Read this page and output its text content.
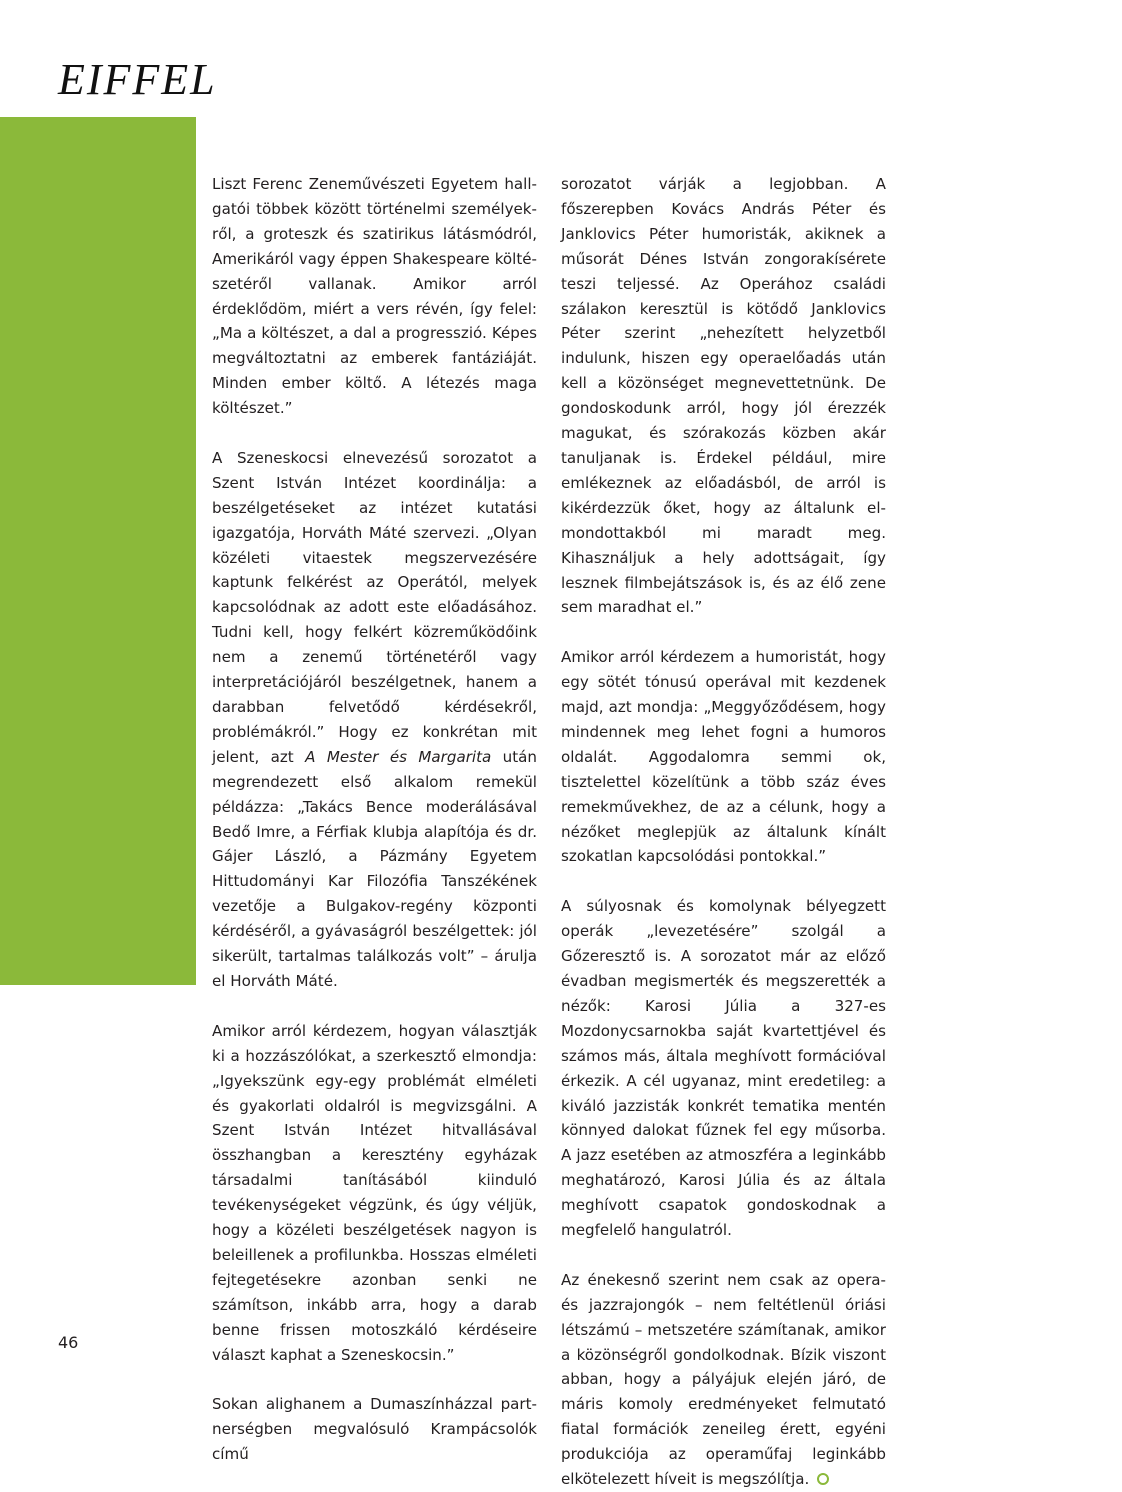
EIFFEL

Liszt Ferenc Zeneművészeti Egyetem hallgatói többek között történelmi személyekről, a groteszk és szatirikus látásmódról, Amerikáról vagy éppen Shakespeare költészetéről vallanak. Amikor arról érdeklődöm, miért a vers révén, így felel: „Ma a költészet, a dal a progresszió. Képes megváltoztatni az emberek fantáziáját. Minden ember költő. A létezés maga költészet.”

A Szeneskocsi elnevezésű sorozatot a Szent István Intézet koordinálja: a beszélgetéseket az intézet kutatási igazgatója, Horváth Máté szervezi. „Olyan közéleti vitaestek megszervezésére kaptunk felkérést az Operától, melyek kapcsolódnak az adott este előadásához. Tudni kell, hogy felkért közreműködőink nem a zenemű történetéről vagy interpretációjáról beszélgetnek, hanem a darabban felvetődő kérdésekről, problémákról.” Hogy ez konkrétan mit jelent, azt A Mester és Margarita után megrendezett első alkalom remekül példázza: „Takács Bence moderálásával Bedő Imre, a Férfiak klubja alapítója és dr. Gájer László, a Pázmány Egyetem Hittudományi Kar Filozófia Tanszékének vezetője a Bulgakov-regény központi kérdéséről, a gyávaságról beszélgettek: jól sikerült, tartalmas találkozás volt” – árulja el Horváth Máté.

Amikor arról kérdezem, hogyan választják ki a hozzászólókat, a szerkesztő elmondja: „Igyekszünk egy-egy problémát elméleti és gyakorlati oldalról is megvizsgálni. A Szent István Intézet hitvallásával összhangban a keresztény egyházak társadalmi tanításából kiinduló tevékenységeket végzünk, és úgy véljük, hogy a közéleti beszélgetések nagyon is beleillenek a profilunkba. Hosszas elméleti fejtegetésekre azonban senki ne számítson, inkább arra, hogy a darab benne frissen motoszkáló kérdéseire választ kaphat a Szeneskocsin.”

Sokan alighanem a Dumaszínházzal partnerségben megvalósuló Krampácsolók című

sorozatot várják a legjobban. A főszerepben Kovács András Péter és Janklovics Péter humoristák, akiknek a műsorát Dénes István zongorakísérete teszi teljessé. Az Operához családi szálakon keresztül is kötődő Janklovics Péter szerint „nehezített helyzetből indulunk, hiszen egy operaelőadás után kell a közönséget megnevettetnünk. De gondoskodunk arról, hogy jól érezzék magukat, és szórakozás közben akár tanuljanak is. Érdekel például, mire emlékeznek az előadásból, de arról is kikérdezzük őket, hogy az általunk elmondottakból mi maradt meg. Kihasználjuk a hely adottságait, így lesznek filmbejátszások is, és az élő zene sem maradhat el.”

Amikor arról kérdezem a humoristát, hogy egy sötét tónusú operával mit kezdenek majd, azt mondja: „Meggyőződésem, hogy mindennek meg lehet fogni a humoros oldalát. Aggodalomra semmi ok, tisztelettel közelítünk a több száz éves remekművekhez, de az a célunk, hogy a nézőket meglepjük az általunk kínált szokatlan kapcsolódási pontokkal.”

A súlyosnak és komolynak bélyegzett operák „levezetésére” szolgál a Gőzeresztő is. A sorozatot már az előző évadban megismerték és megszerették a nézők: Karosi Júlia a 327-es Mozdonycsarnokba saját kvartettjével és számos más, általa meghívott formációval érkezik. A cél ugyanaz, mint eredetileg: a kiváló jazzisták konkrét tematika mentén könnyed dalokat fűznek fel egy műsorba. A jazz esetében az atmoszféra a leginkább meghatározó, Karosi Júlia és az általa meghívott csapatok gondoskodnak a megfelelő hangulatról.

Az énekesnő szerint nem csak az opera- és jazzrajongók – nem feltétlenül óriási létszámú – metszetére számítanak, amikor a közönségről gondolkodnak. Bízik viszont abban, hogy a pályájuk elején járó, de máris komoly eredményeket felmutató fiatal formációk zeneileg érett, egyéni produkciója az operaműfaj leginkább elkötelezett híveit is megszólítja.

46
